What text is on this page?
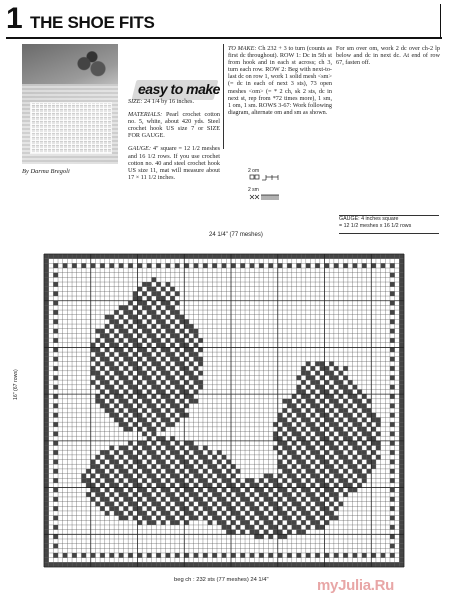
1 THE SHOE FITS
By Darma Bregoli
easy to make

SIZE: 24 1/4 by 16 inches.

MATERIALS: Pearl crochet cotton no. 5, white, about 420 yds. Steel crochet hook US size 7 or SIZE FOR GAUGE.

GAUGE: 4" square = 12 1/2 meshes and 16 1/2 rows. If you use crochet cotton no. 40 and steel crochet hook US size 11, mat will measure about 17 × 11 1/2 inches.

TO MAKE: Ch 232 + 3 to turn (counts as first dc throughout). ROW 1: Dc in 5th st from hook and in each st across; ch 3, turn each row. ROW 2: Beg with next-to-last dc on row 1, work 1 solid mesh <sm> (= dc in each of next 3 sts), 73 open meshes <om> (= * 2 ch, sk 2 sts, dc in next st, rep from *72 times more), 1 sm, 1 om, 1 sm. ROWS 3-67: Work following diagram, alternate om and sm as shown.

For sm over om, work 2 dc over ch-2 lp below and dc in next dc. At end of row 67, fasten off.

2 om
2 sm
GAUGE: 4 inches square
= 12 1/2 meshes x 16 1/2 rows
24 1/4" (77 meshes)
16" (67 rows)
beg ch : 232 sts (77 meshes) 24 1/4"	myJulia.Ru
